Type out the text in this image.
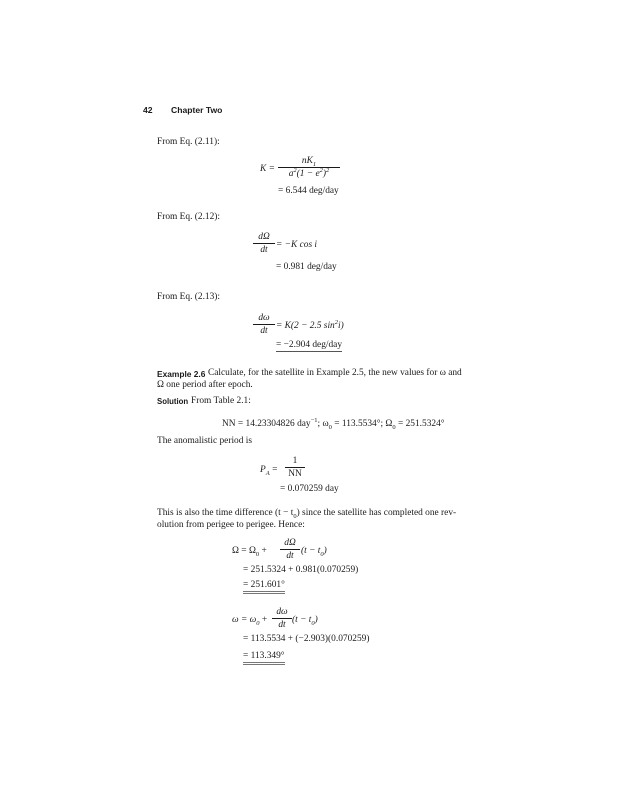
42 Chapter Two
From Eq. (2.11):
$K = \frac{nK_1}{a^2(1 - e^2)^2}$
= 6.544 deg/day
From Eq. (2.12):
$\frac{d\Omega}{dt} = -K$ cos i
= 0.981 deg/day
From Eq. (2.13):
$\frac{d\omega}{dt} = K(2 - 2.5$ $\sin^2i$)
= −2.904 deg/day
Example 2.6 Calculate, for the satellite in Example 2.5, the new values for ω and
Ω one period after epoch.
Solution From Table 2.1:
NN = 14.23304826 day$^{-1}$; $\omega_0 = 113.5534^\circ$; $\Omega_0 = 251.5324^\circ$
The anomalistic period is
$P_A = \frac{1}{NN}$
= 0.070259 day
This is also the time difference $(t - t_0)$ since the satellite has completed one rev-
olution from perigee to perigee. Hence:
$\Omega = \Omega_0 + \frac{d\Omega}{dt} (t - t_0)$
= 251.5324 + 0.981(0.070259)
= 251.601°
$\omega = \omega_0 + \frac{d\omega}{dt} (t - t_0)$
= 113.5534 + (−2.903)(0.070259)
= 113.349°
